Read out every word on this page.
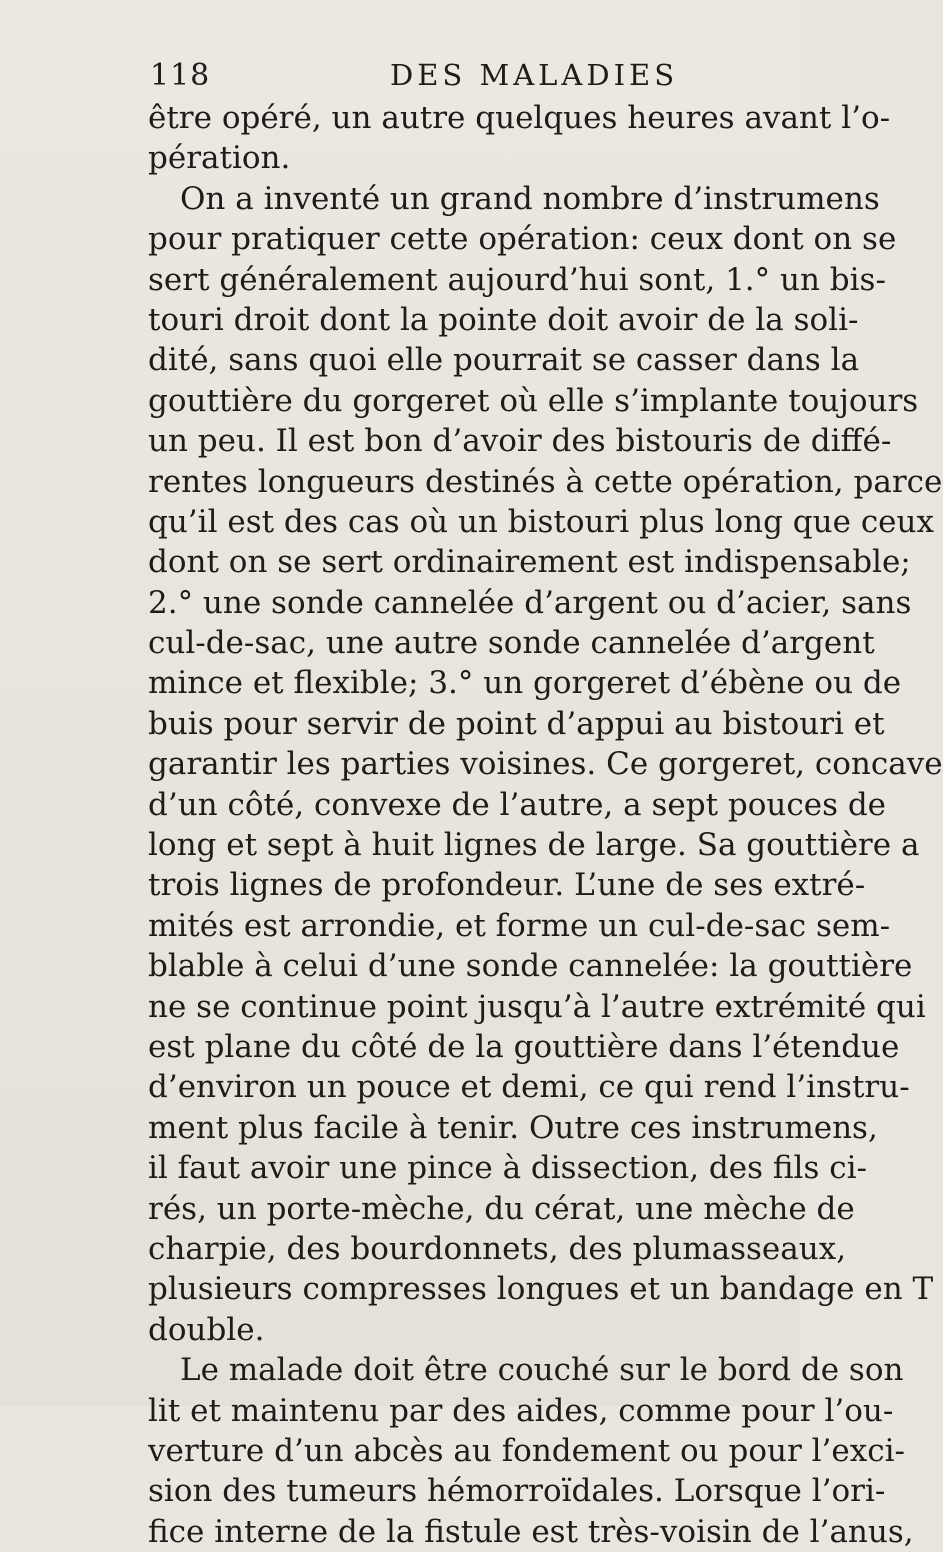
118	DES MALADIES
être opéré, un autre quelques heures avant l’o-
pération.
On a inventé un grand nombre d’instrumens
pour pratiquer cette opération: ceux dont on se
sert généralement aujourd’hui sont, 1.° un bis-
touri droit dont la pointe doit avoir de la soli-
dité, sans quoi elle pourrait se casser dans la
gouttière du gorgeret où elle s’implante toujours
un peu. Il est bon d’avoir des bistouris de diffé-
rentes longueurs destinés à cette opération, parce
qu’il est des cas où un bistouri plus long que ceux
dont on se sert ordinairement est indispensable;
2.° une sonde cannelée d’argent ou d’acier, sans
cul-de-sac, une autre sonde cannelée d’argent
mince et flexible; 3.° un gorgeret d’ébène ou de
buis pour servir de point d’appui au bistouri et
garantir les parties voisines. Ce gorgeret, concave
d’un côté, convexe de l’autre, a sept pouces de
long et sept à huit lignes de large. Sa gouttière a
trois lignes de profondeur. L’une de ses extré-
mités est arrondie, et forme un cul-de-sac sem-
blable à celui d’une sonde cannelée: la gouttière
ne se continue point jusqu’à l’autre extrémité qui
est plane du côté de la gouttière dans l’étendue
d’environ un pouce et demi, ce qui rend l’instru-
ment plus facile à tenir. Outre ces instrumens,
il faut avoir une pince à dissection, des fils ci-
rés, un porte-mèche, du cérat, une mèche de
charpie, des bourdonnets, des plumasseaux,
plusieurs compresses longues et un bandage en T
double.
Le malade doit être couché sur le bord de son
lit et maintenu par des aides, comme pour l’ou-
verture d’un abcès au fondement ou pour l’exci-
sion des tumeurs hémorroïdales. Lorsque l’ori-
fice interne de la fistule est très-voisin de l’anus,
